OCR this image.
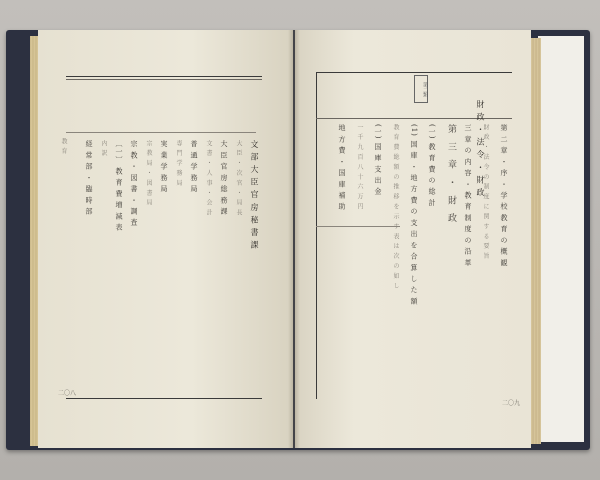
第二類
教 育
二〇八
財 政 ・ 法 令 ・ 財 政
二〇九
文 部 大 臣 官 房 秘 書 課
大 臣 ・ 次 官 ・ 局 長
大 臣 官 房 総 務 課
文 書 ・ 人 事 ・ 会 計
普 通 学 務 局
専 門 学 務 局
実 業 学 務 局
宗 教 局 ・ 図 書 局
宗 教 ・ 図 書 ・ 調 査
〔一〕 教 育 費 増 減 表
内 訳
経 常 部 ・ 臨 時 部	第 二 章 ・ 序 ・ 学 校 教 育 の 概 観
財 政 ・ 法 令 の 制 度 に 関 す る 要 旨
三 章 の 内 容 ・ 教 育 制 度 の 沿 革
第 三 章 ・ 財 政
(一) 教 育 費 の 総 計
(1) 国 庫 ・ 地 方 費 の 支 出 を 合 算 し た 額
教 育 費 総 額 の 推 移 を 示 す 表 は 次 の 如 し
(一) 国 庫 支 出 金
一 千 九 百 八 十 六 万 円
地 方 費 ・ 国 庫 補 助
